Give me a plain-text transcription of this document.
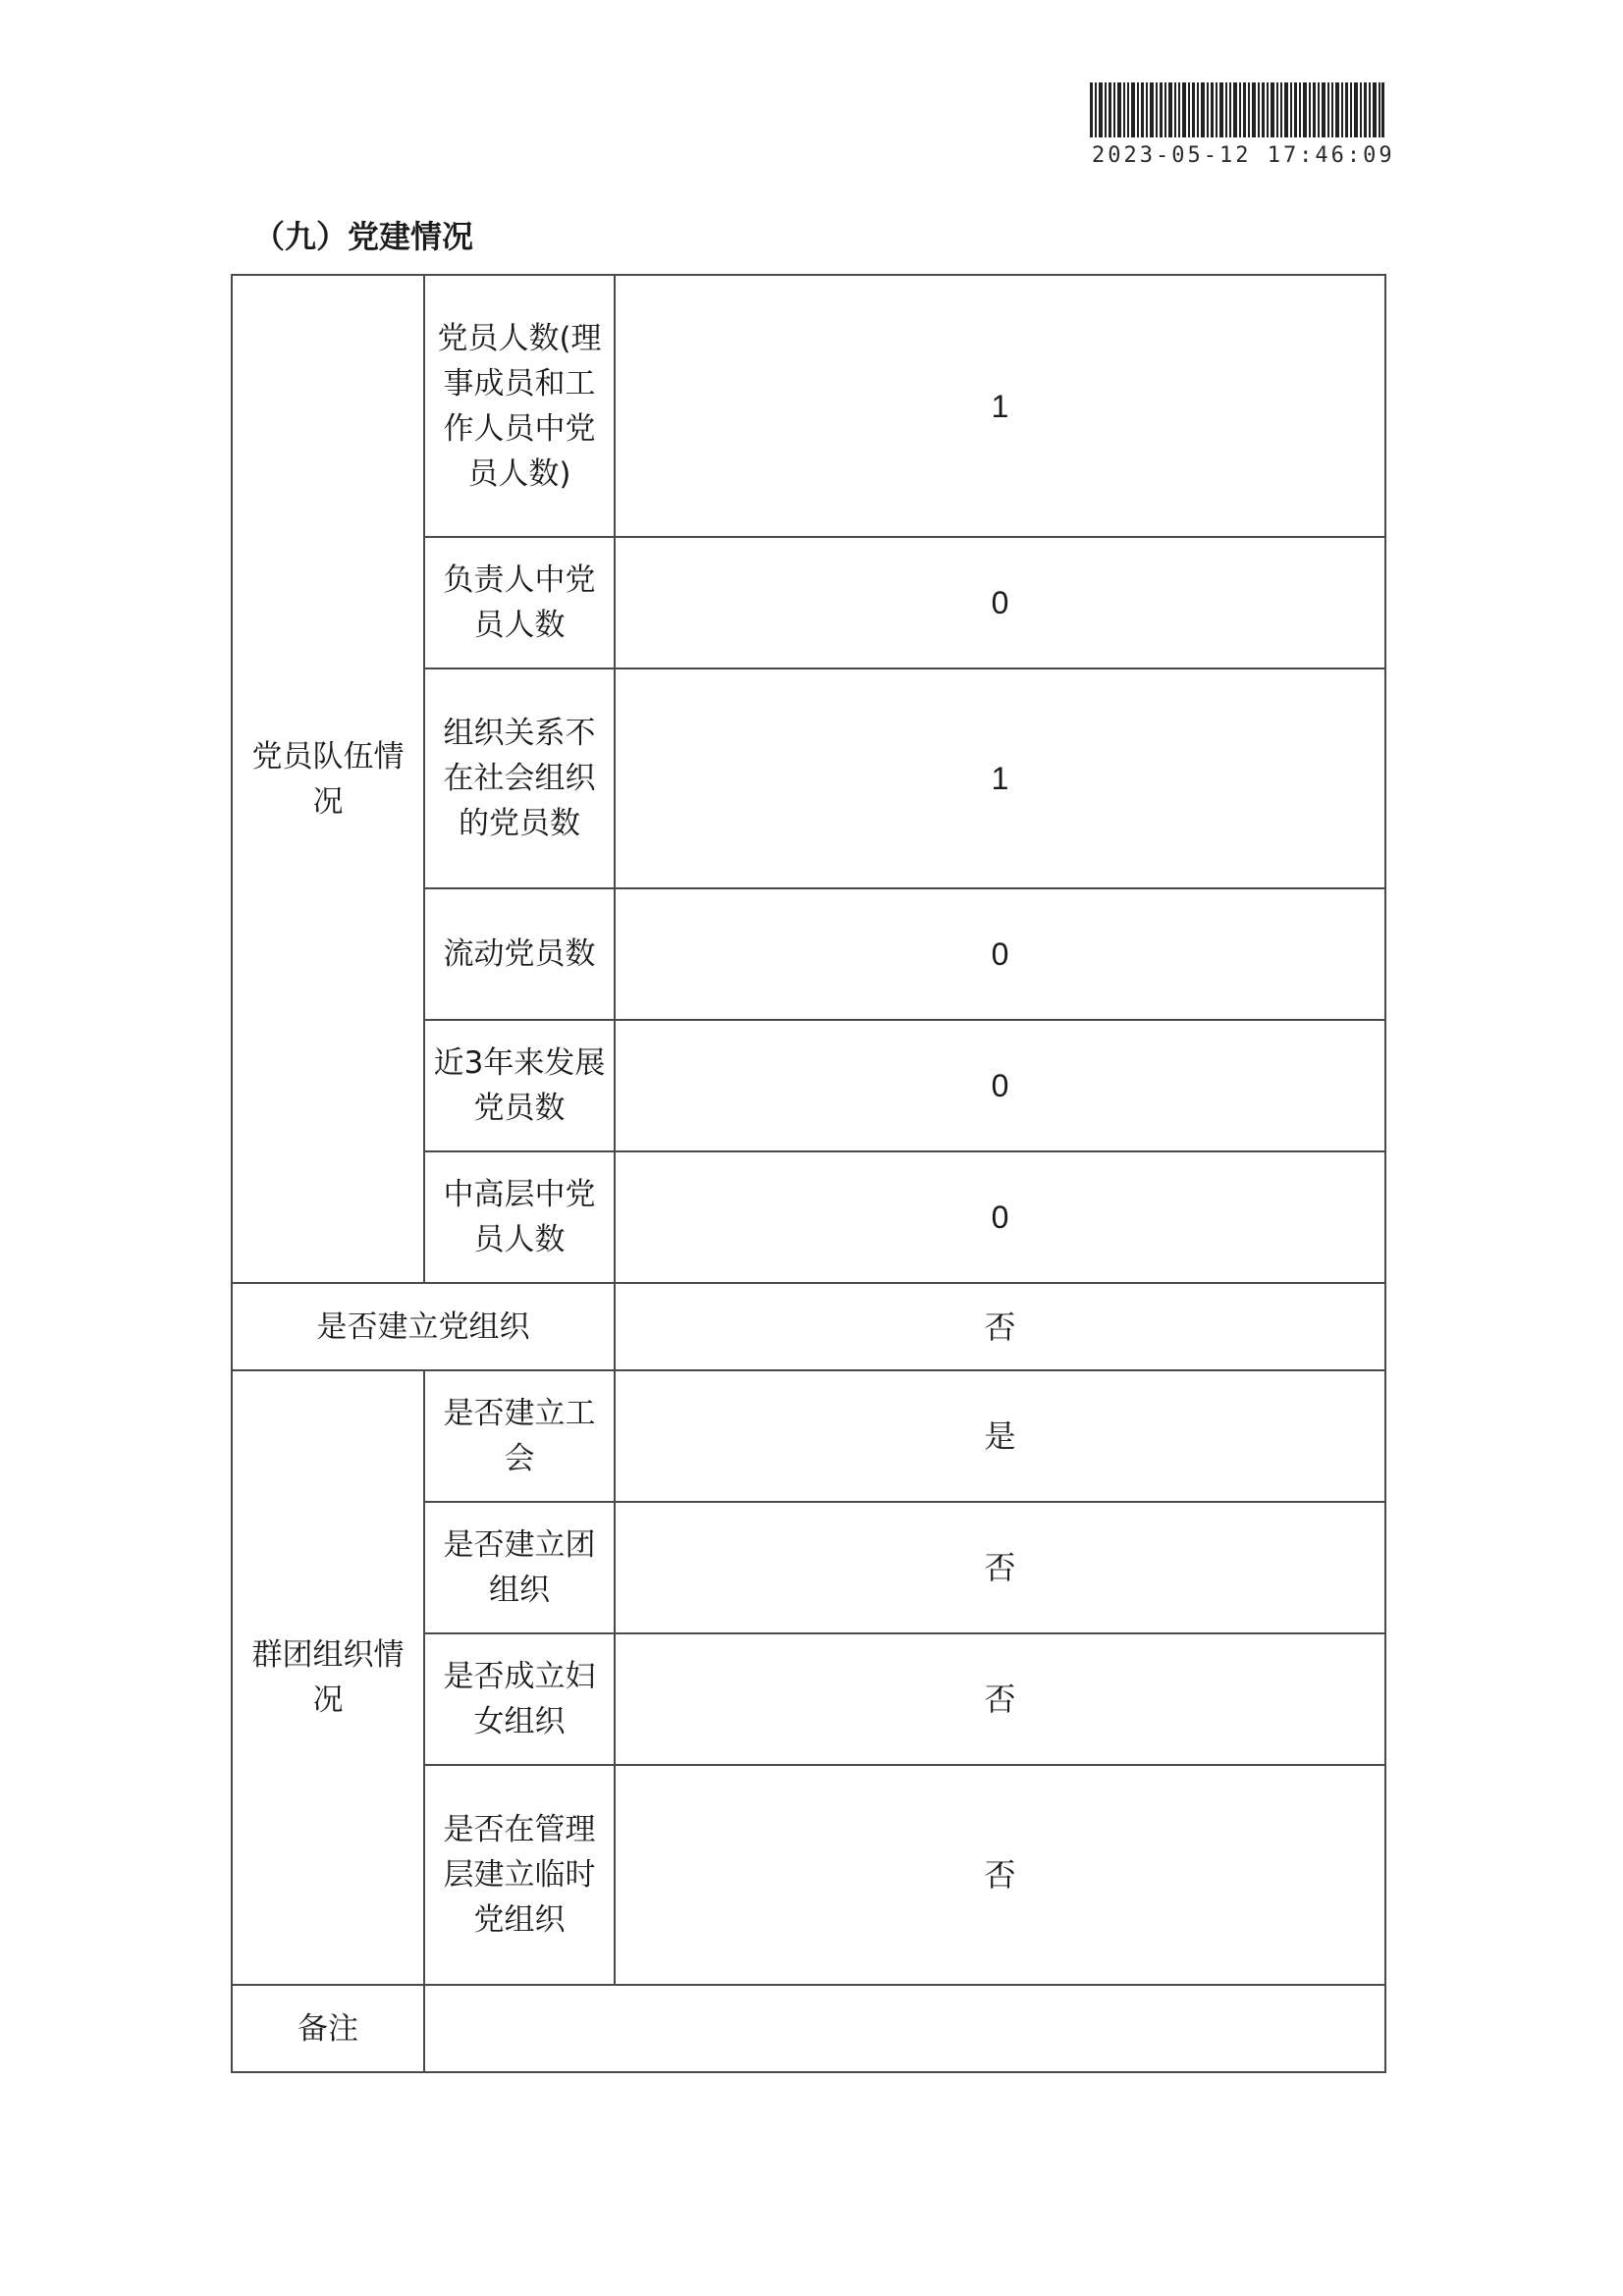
2023-05-12 17:46:09
（九）党建情况
党员队伍情况	党员人数(理事成员和工作人员中党员人数)	1
	负责人中党员人数	0
	组织关系不在社会组织的党员数	1
	流动党员数	0
	近3年来发展党员数	0
	中高层中党员人数	0
是否建立党组织		否
群团组织情况	是否建立工会	是
	是否建立团组织	否
	是否成立妇女组织	否
	是否在管理层建立临时党组织	否
备注		
